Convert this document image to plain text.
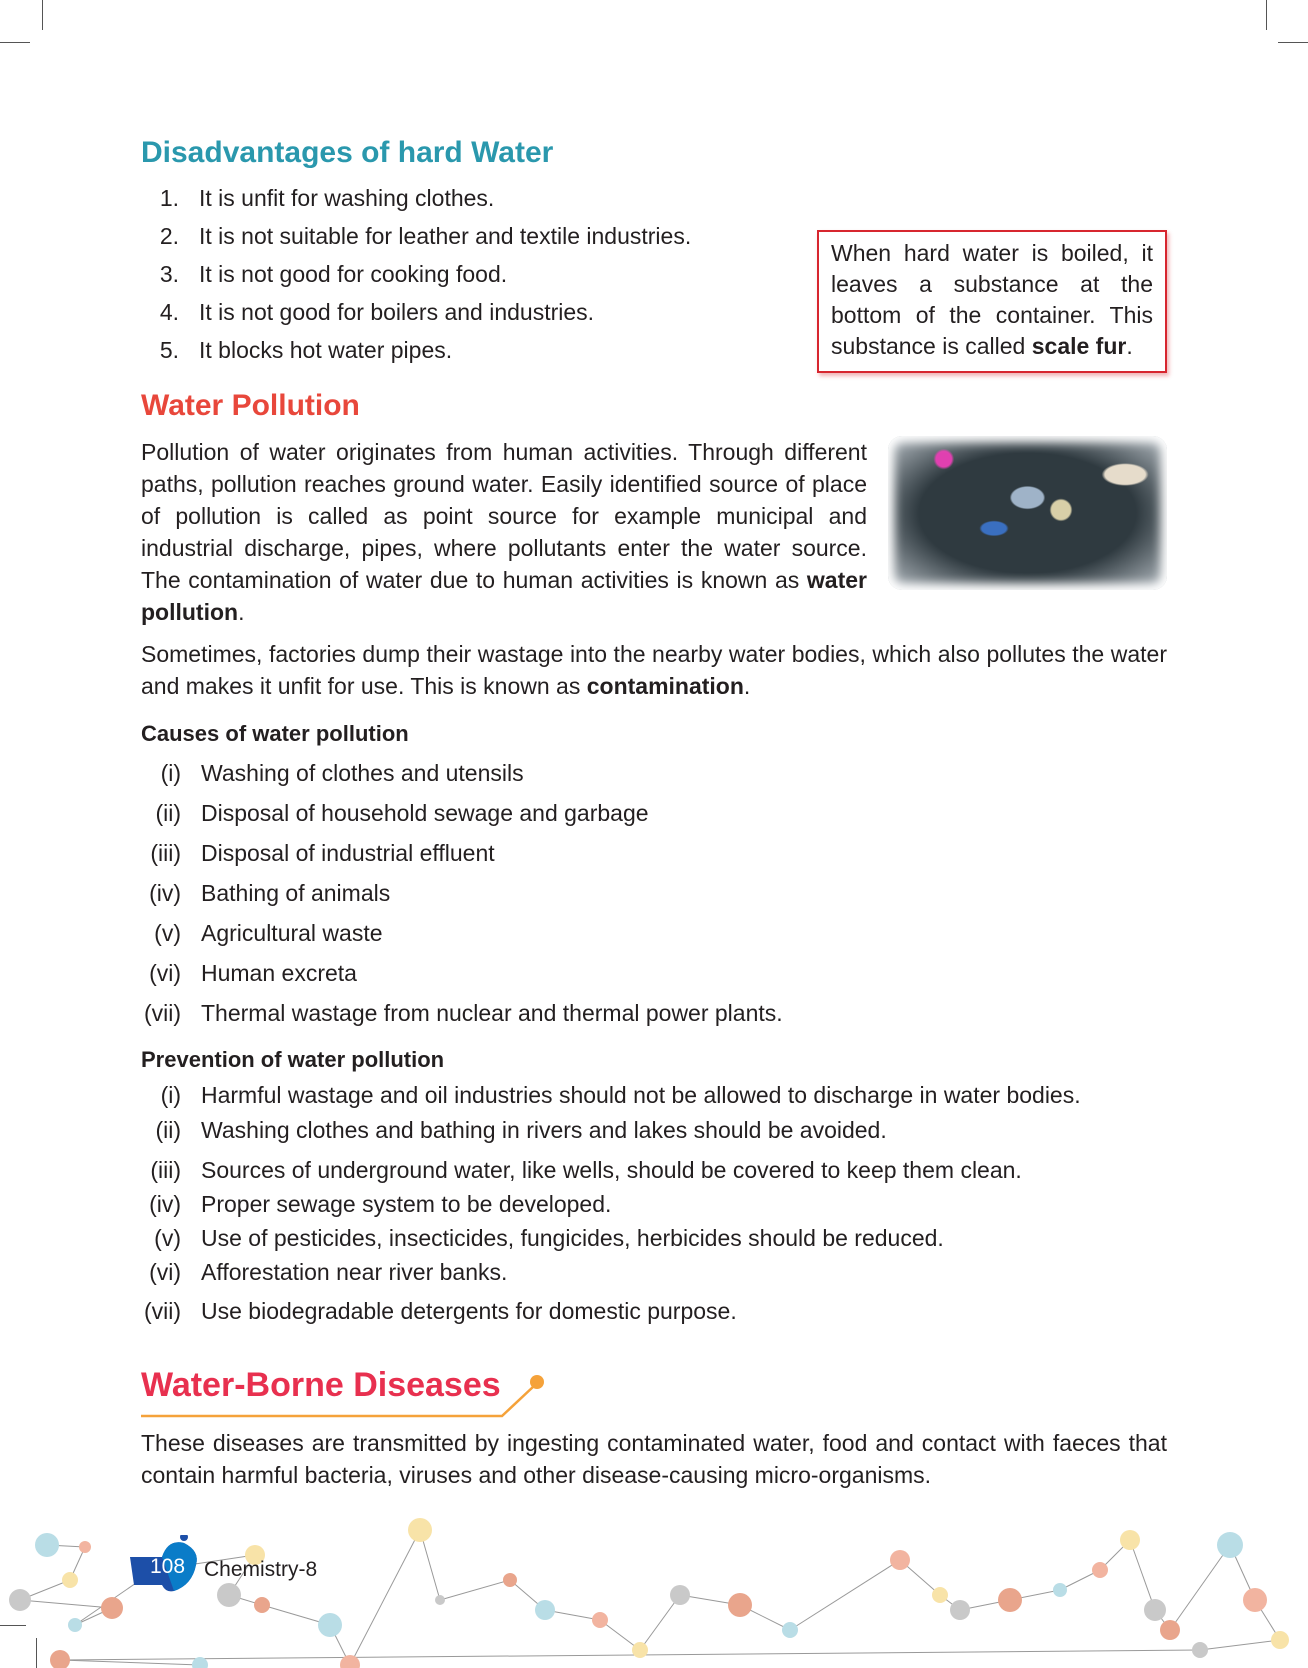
Disadvantages of hard Water
1. It is unfit for washing clothes.
2. It is not suitable for leather and textile industries.
3. It is not good for cooking food.
4. It is not good for boilers and industries.
5. It blocks hot water pipes.
When hard water is boiled, it leaves a substance at the bottom of the container. This substance is called scale fur.
Water Pollution
Pollution of water originates from human activities. Through different paths, pollution reaches ground water. Easily identified source of place of pollution is called as point source for example municipal and industrial discharge, pipes, where pollutants enter the water source. The contamination of water due to human activities is known as water pollution.
Sometimes, factories dump their wastage into the nearby water bodies, which also pollutes the water and makes it unfit for use. This is known as contamination.
Causes of water pollution
(i) Washing of clothes and utensils
(ii) Disposal of household sewage and garbage
(iii) Disposal of industrial effluent
(iv) Bathing of animals
(v) Agricultural waste
(vi) Human excreta
(vii) Thermal wastage from nuclear and thermal power plants.
Prevention of water pollution
(i) Harmful wastage and oil industries should not be allowed to discharge in water bodies.
(ii) Washing clothes and bathing in rivers and lakes should be avoided.
(iii) Sources of underground water, like wells, should be covered to keep them clean.
(iv) Proper sewage system to be developed.
(v) Use of pesticides, insecticides, fungicides, herbicides should be reduced.
(vi) Afforestation near river banks.
(vii) Use biodegradable detergents for domestic purpose.
Water-Borne Diseases
These diseases are transmitted by ingesting contaminated water, food and contact with faeces that contain harmful bacteria, viruses and other disease-causing micro-organisms.
108 Chemistry-8
